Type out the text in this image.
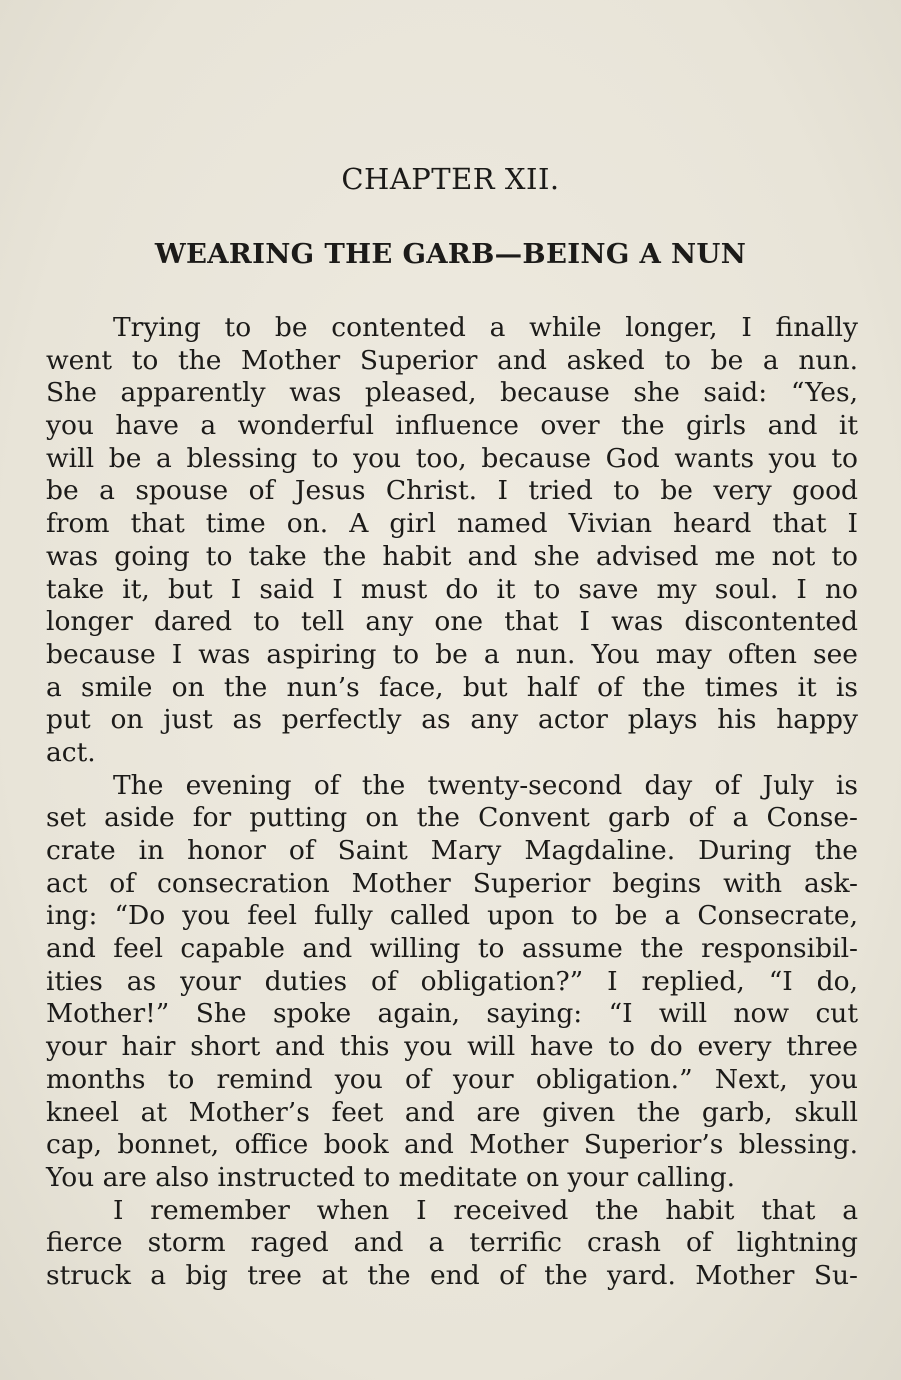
CHAPTER XII.
WEARING THE GARB—BEING A NUN
Trying to be contented a while longer, I finally
went to the Mother Superior and asked to be a nun.
She apparently was pleased, because she said: “Yes,
you have a wonderful influence over the girls and it
will be a blessing to you too, because God wants you to
be a spouse of Jesus Christ. I tried to be very good
from that time on. A girl named Vivian heard that I
was going to take the habit and she advised me not to
take it, but I said I must do it to save my soul. I no
longer dared to tell any one that I was discontented
because I was aspiring to be a nun. You may often see
a smile on the nun’s face, but half of the times it is
put on just as perfectly as any actor plays his happy
act.
The evening of the twenty-second day of July is
set aside for putting on the Convent garb of a Conse-
crate in honor of Saint Mary Magdaline. During the
act of consecration Mother Superior begins with ask-
ing: “Do you feel fully called upon to be a Consecrate,
and feel capable and willing to assume the responsibil-
ities as your duties of obligation?” I replied, “I do,
Mother!” She spoke again, saying: “I will now cut
your hair short and this you will have to do every three
months to remind you of your obligation.” Next, you
kneel at Mother’s feet and are given the garb, skull
cap, bonnet, office book and Mother Superior’s blessing.
You are also instructed to meditate on your calling.
I remember when I received the habit that a
fierce storm raged and a terrific crash of lightning
struck a big tree at the end of the yard. Mother Su-
